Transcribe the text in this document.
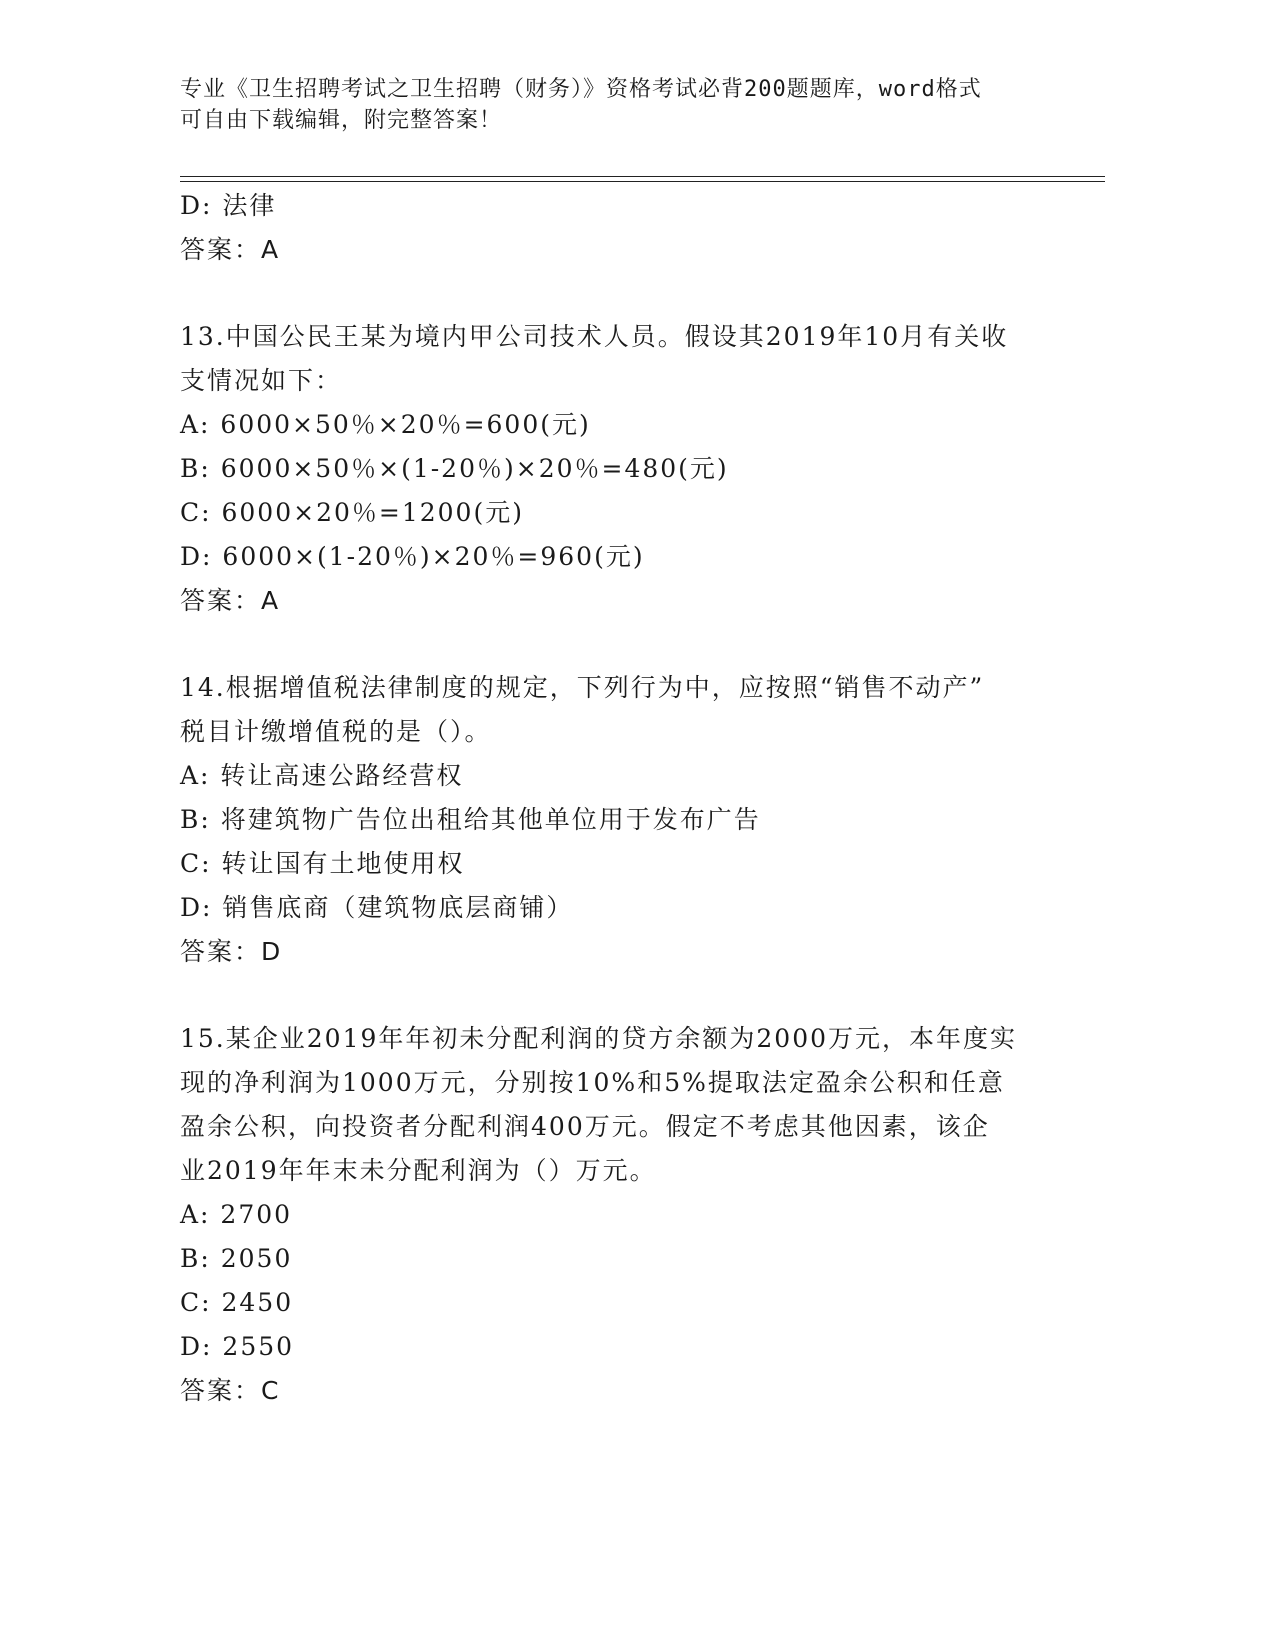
专业《卫生招聘考试之卫生招聘（财务）》资格考试必背200题题库，word格式
可自由下载编辑，附完整答案！
D: 法律
答案：A
13.中国公民王某为境内甲公司技术人员。假设其2019年10月有关收
支情况如下：
A: 6000×50％×20％=600(元)
B: 6000×50％×(1-20％)×20％=480(元)
C: 6000×20％=1200(元)
D: 6000×(1-20％)×20％=960(元)
答案：A
14.根据增值税法律制度的规定，下列行为中，应按照“销售不动产”
税目计缴增值税的是（）。
A: 转让高速公路经营权
B: 将建筑物广告位出租给其他单位用于发布广告
C: 转让国有土地使用权
D: 销售底商（建筑物底层商铺）
答案：D
15.某企业2019年年初未分配利润的贷方余额为2000万元，本年度实
现的净利润为1000万元，分别按10%和5%提取法定盈余公积和任意
盈余公积，向投资者分配利润400万元。假定不考虑其他因素，该企
业2019年年末未分配利润为（）万元。
A: 2700
B: 2050
C: 2450
D: 2550
答案：C
